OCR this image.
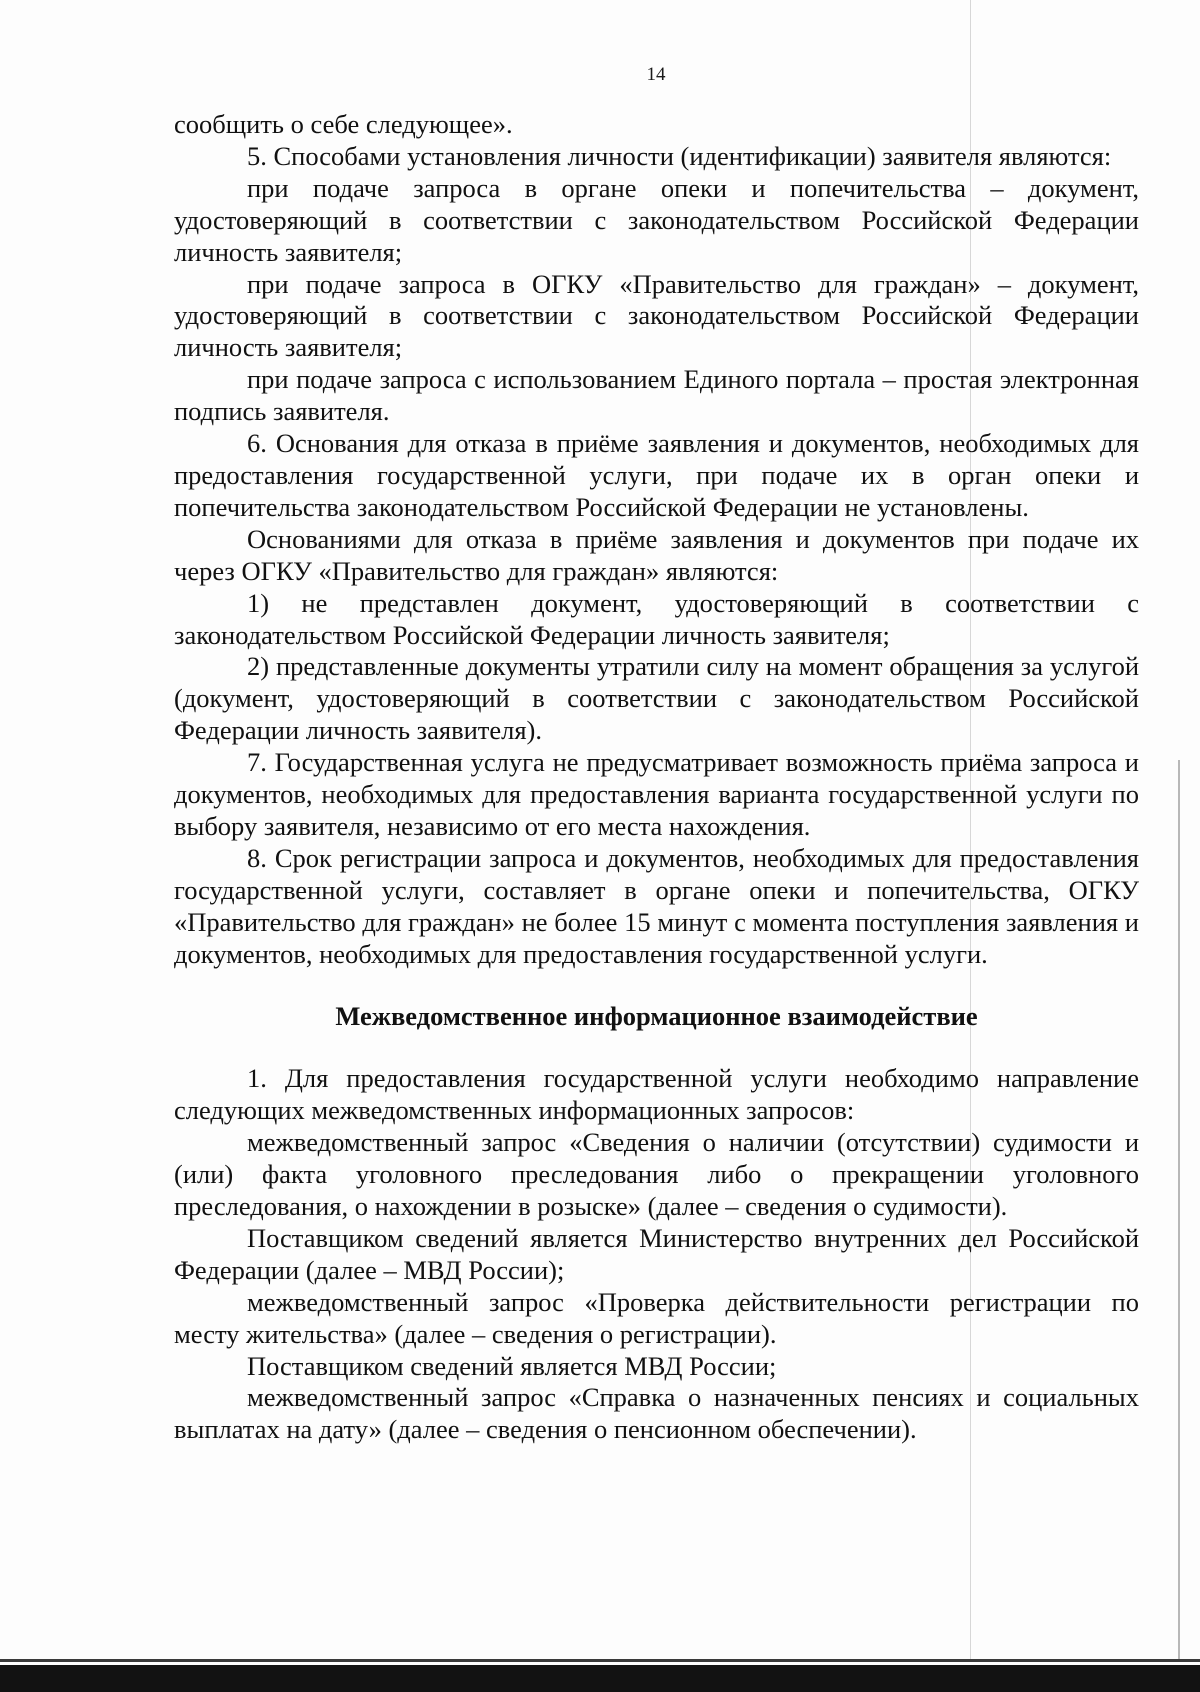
14

сообщить о себе следующее».

5. Способами установления личности (идентификации) заявителя являются:

при подаче запроса в органе опеки и попечительства – документ, удостоверяющий в соответствии с законодательством Российской Федерации личность заявителя;

при подаче запроса в ОГКУ «Правительство для граждан» – документ, удостоверяющий в соответствии с законодательством Российской Федерации личность заявителя;

при подаче запроса с использованием Единого портала – простая электронная подпись заявителя.

6. Основания для отказа в приёме заявления и документов, необходимых для предоставления государственной услуги, при подаче их в орган опеки и попечительства законодательством Российской Федерации не установлены.

Основаниями для отказа в приёме заявления и документов при подаче их через ОГКУ «Правительство для граждан» являются:

1) не представлен документ, удостоверяющий в соответствии с законодательством Российской Федерации личность заявителя;

2) представленные документы утратили силу на момент обращения за услугой (документ, удостоверяющий в соответствии с законодательством Российской Федерации личность заявителя).

7. Государственная услуга не предусматривает возможность приёма запроса и документов, необходимых для предоставления варианта государственной услуги по выбору заявителя, независимо от его места нахождения.

8. Срок регистрации запроса и документов, необходимых для предоставления государственной услуги, составляет в органе опеки и попечительства, ОГКУ «Правительство для граждан» не более 15 минут с момента поступления заявления и документов, необходимых для предоставления государственной услуги.

Межведомственное информационное взаимодействие

1. Для предоставления государственной услуги необходимо направление следующих межведомственных информационных запросов:

межведомственный запрос «Сведения о наличии (отсутствии) судимости и (или) факта уголовного преследования либо о прекращении уголовного преследования, о нахождении в розыске» (далее – сведения о судимости).

Поставщиком сведений является Министерство внутренних дел Российской Федерации (далее – МВД России);

межведомственный запрос «Проверка действительности регистрации по месту жительства» (далее – сведения о регистрации).

Поставщиком сведений является МВД России;

межведомственный запрос «Справка о назначенных пенсиях и социальных выплатах на дату» (далее – сведения о пенсионном обеспечении).
